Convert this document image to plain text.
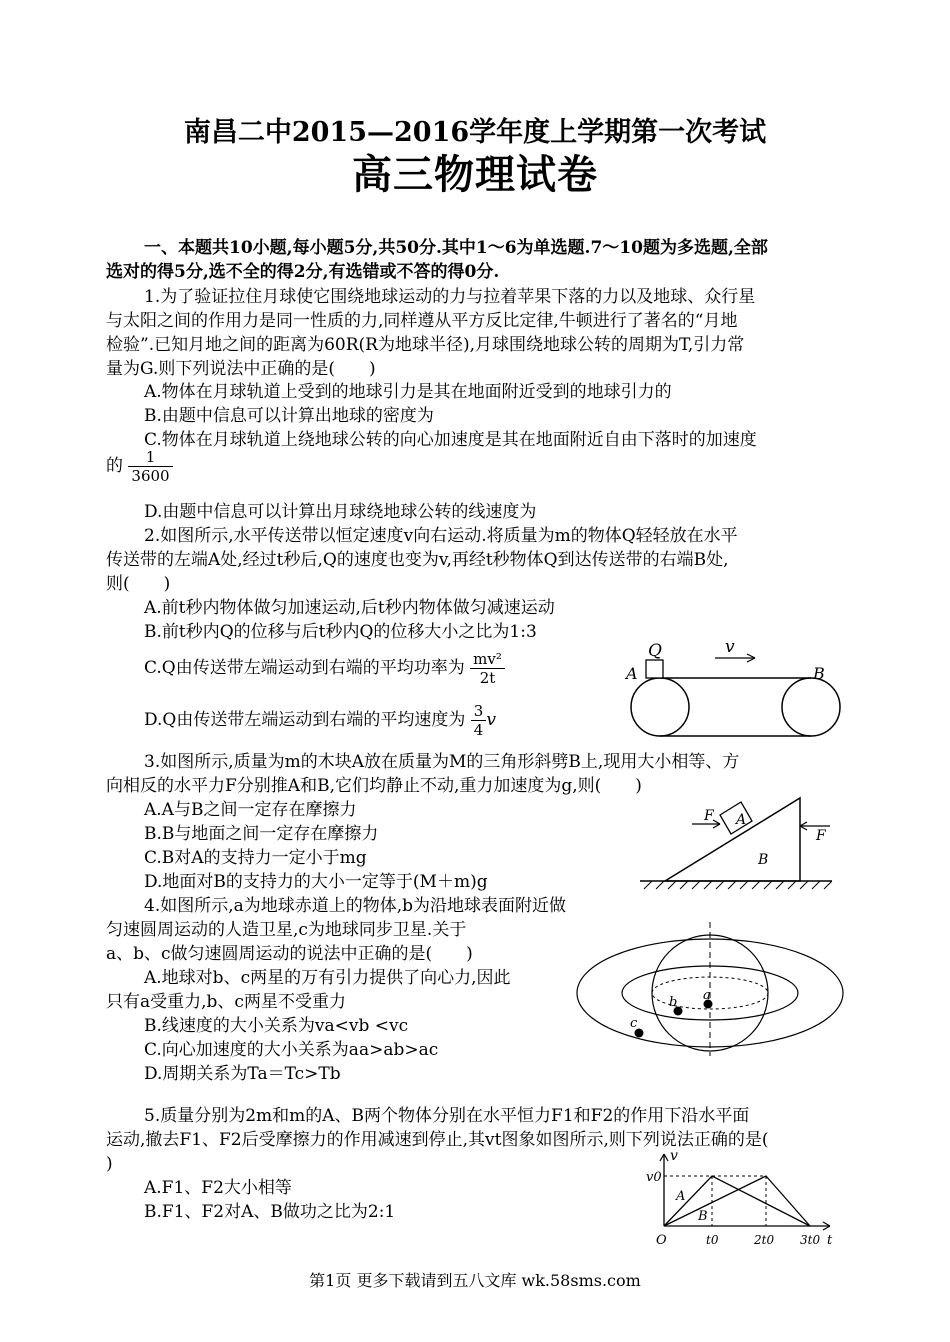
南昌二中2015—2016学年度上学期第一次考试
高三物理试卷
一、本题共10小题,每小题5分,共50分.其中1～6为单选题.7～10题为多选题,全部
选对的得5分,选不全的得2分,有选错或不答的得0分.
1.为了验证拉住月球使它围绕地球运动的力与拉着苹果下落的力以及地球、众行星
与太阳之间的作用力是同一性质的力,同样遵从平方反比定律,牛顿进行了著名的“月地
检验”.已知月地之间的距离为60R(R为地球半径),月球围绕地球公转的周期为T,引力常
量为G.则下列说法中正确的是(　　)
A.物体在月球轨道上受到的地球引力是其在地面附近受到的地球引力的
B.由题中信息可以计算出地球的密度为
C.物体在月球轨道上绕地球公转的向心加速度是其在地面附近自由下落时的加速度
的 $\frac{1}{3600}$
D.由题中信息可以计算出月球绕地球公转的线速度为
2.如图所示,水平传送带以恒定速度v向右运动.将质量为m的物体Q轻轻放在水平
传送带的左端A处,经过t秒后,Q的速度也变为v,再经t秒物体Q到达传送带的右端B处,
则(　　)
A.前t秒内物体做匀加速运动,后t秒内物体做匀减速运动
B.前t秒内Q的位移与后t秒内Q的位移大小之比为1:3
C.Q由传送带左端运动到右端的平均功率为 $\frac{\text{mv²}}{2t}$
D.Q由传送带左端运动到右端的平均速度为 $\frac{3}{4}$ v
Q	v
A	B
3.如图所示,质量为m的木块A放在质量为M的三角形斜劈B上,现用大小相等、方
向相反的水平力F分别推A和B,它们均静止不动,重力加速度为g,则(　　)
A.A与B之间一定存在摩擦力
B.B与地面之间一定存在摩擦力
C.B对A的支持力一定小于mg
D.地面对B的支持力的大小一定等于(M＋m)g
F A
F
B
4.如图所示,a为地球赤道上的物体,b为沿地球表面附近做
匀速圆周运动的人造卫星,c为地球同步卫星.关于
a、b、c做匀速圆周运动的说法中正确的是(　　)
A.地球对b、c两星的万有引力提供了向心力,因此
只有a受重力,b、c两星不受重力
B.线速度的大小关系为va<vb <vc
C.向心加速度的大小关系为aa>ab>ac
D.周期关系为Ta＝Tc>Tb
a
b
c
5.质量分别为2m和m的A、B两个物体分别在水平恒力F1和F2的作用下沿水平面
运动,撤去F1、F2后受摩擦力的作用减速到停止,其vt图象如图所示,则下列说法正确的是(
)
A.F1、F2大小相等
B.F1、F2对A、B做功之比为2:1
v
v0
A
B
O	t0	2t0 3t0 t
第1页 更多下载请到五八文库 wk.58sms.com
